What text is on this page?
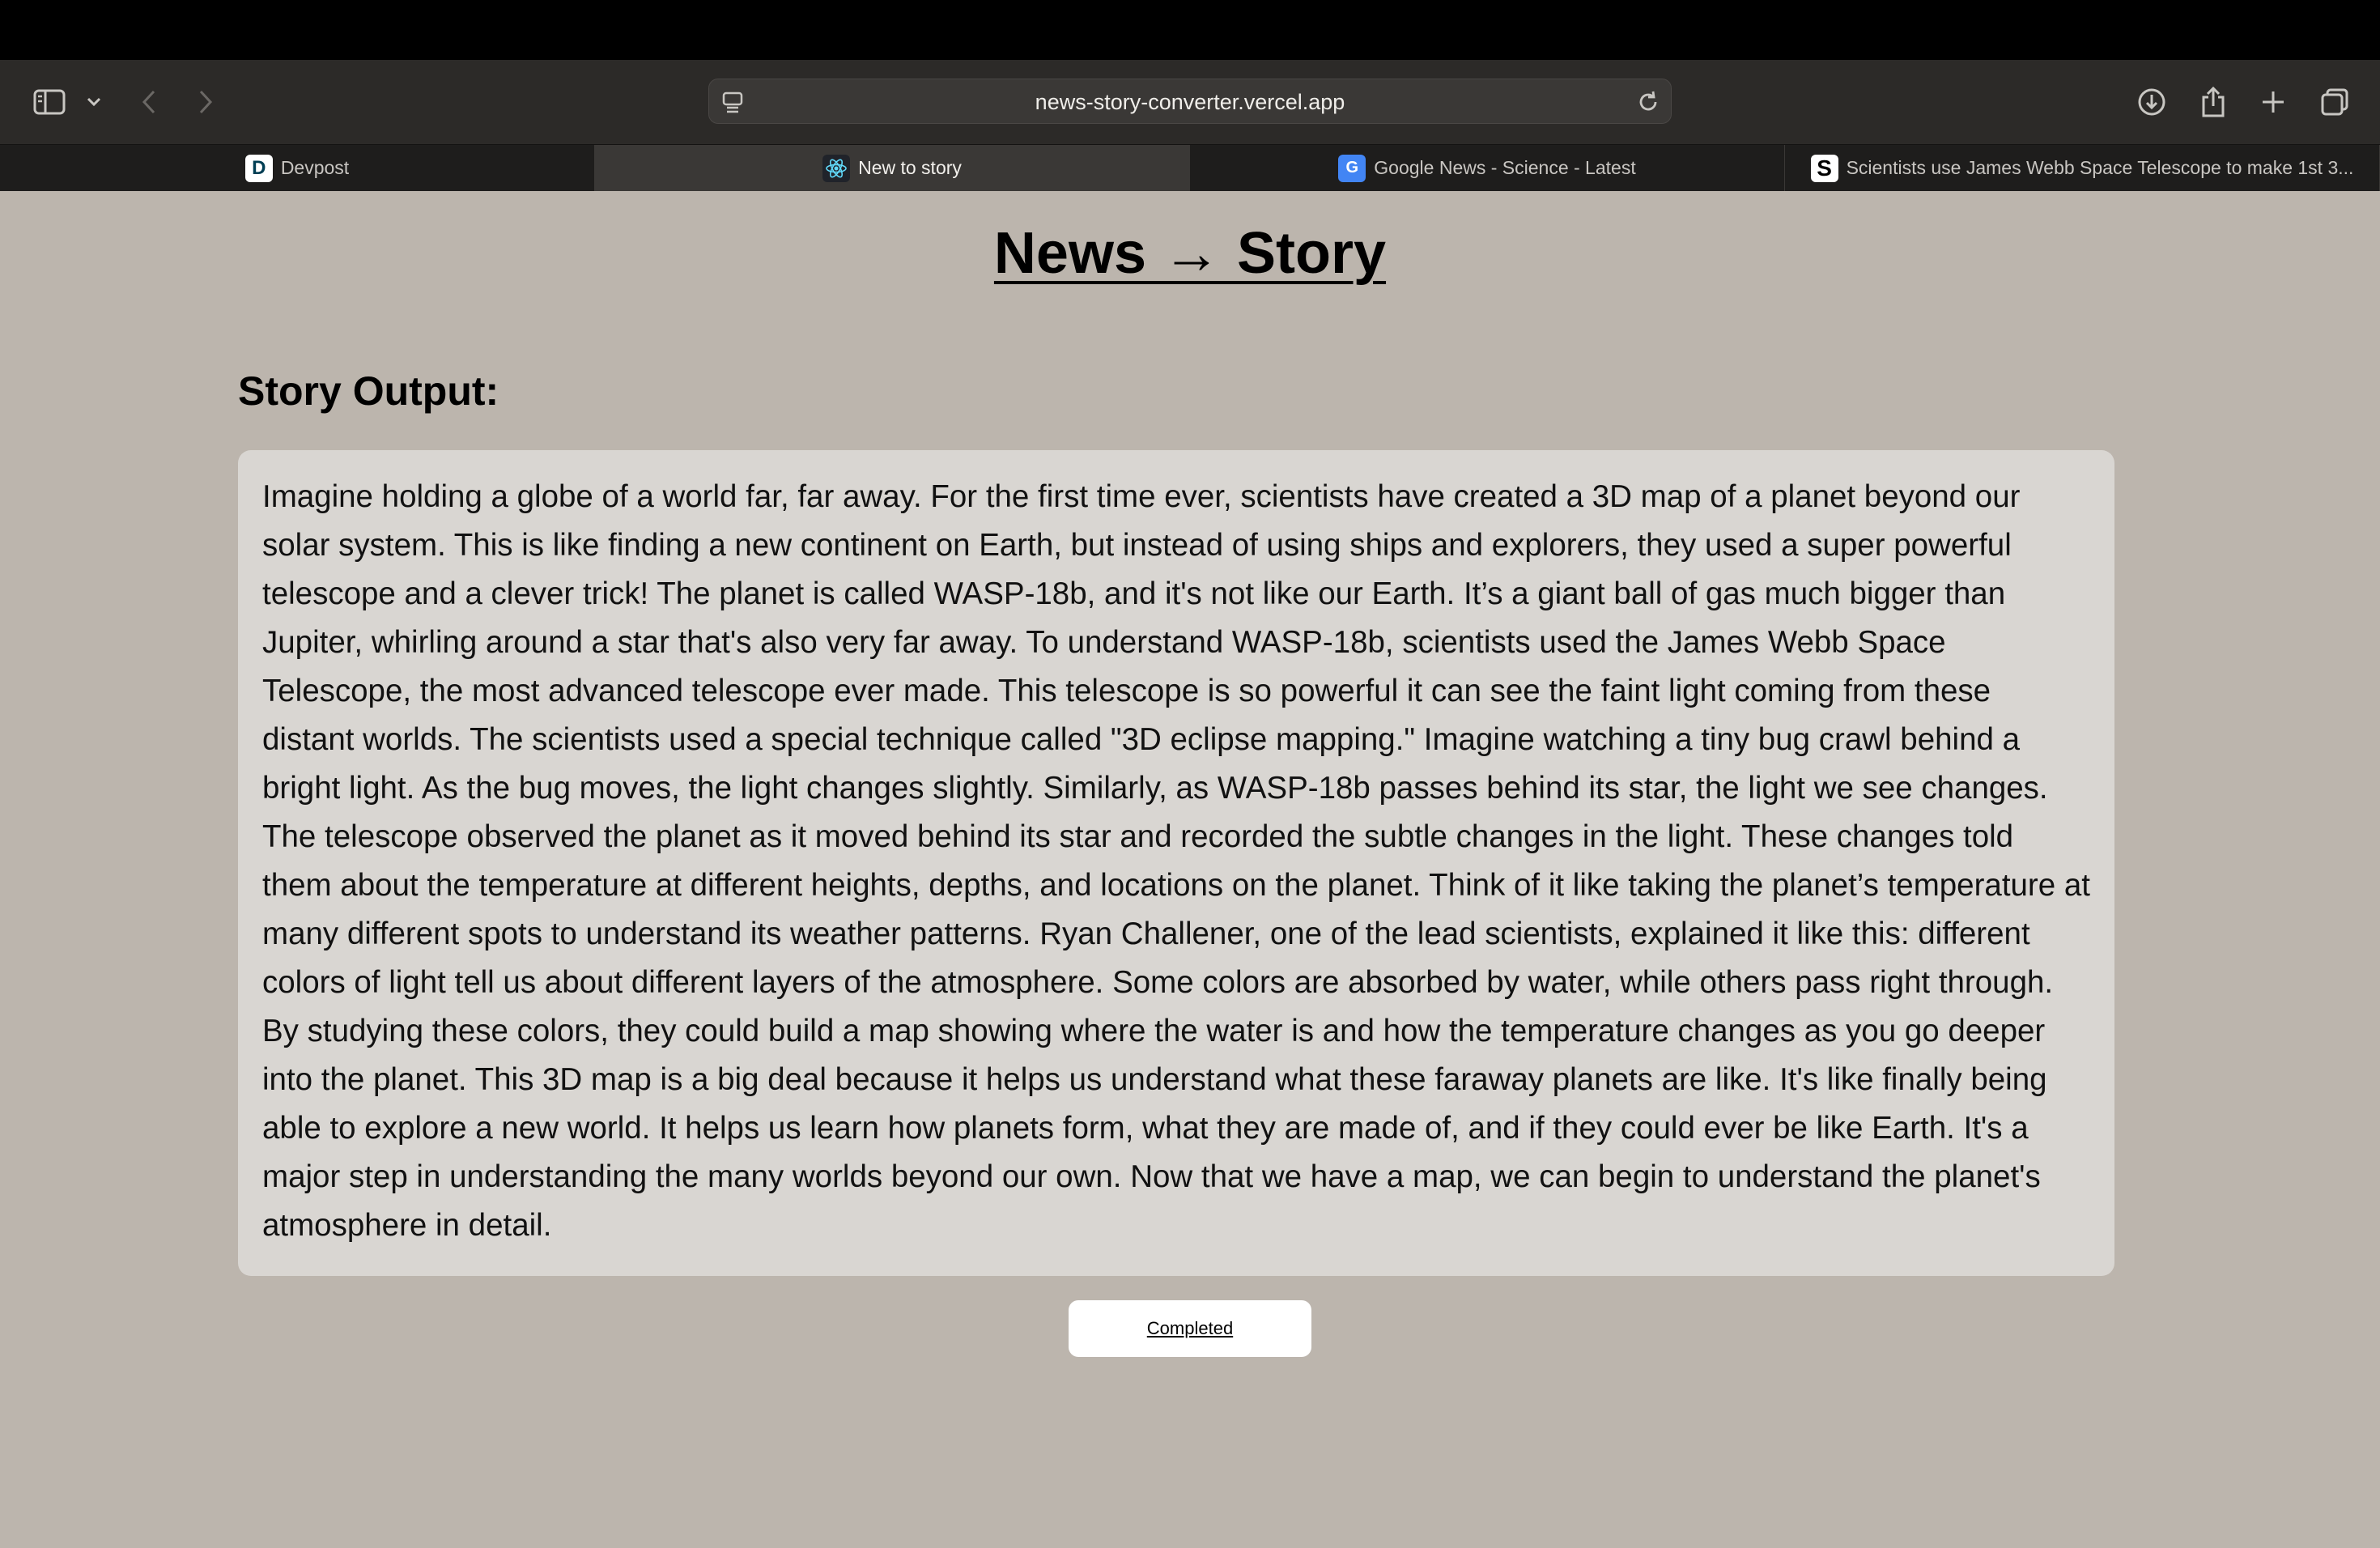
news-story-converter.vercel.app
D Devpost	New to story	G Google News - Science - Latest	S Scientists use James Webb Space Telescope to make 1st 3...
News → Story
Story Output:

Imagine holding a globe of a world far, far away. For the first time ever, scientists have created a 3D map of a planet beyond our solar system. This is like finding a new continent on Earth, but instead of using ships and explorers, they used a super powerful telescope and a clever trick! The planet is called WASP-18b, and it's not like our Earth. It’s a giant ball of gas much bigger than Jupiter, whirling around a star that's also very far away. To understand WASP-18b, scientists used the James Webb Space Telescope, the most advanced telescope ever made. This telescope is so powerful it can see the faint light coming from these distant worlds. The scientists used a special technique called "3D eclipse mapping." Imagine watching a tiny bug crawl behind a bright light. As the bug moves, the light changes slightly. Similarly, as WASP-18b passes behind its star, the light we see changes. The telescope observed the planet as it moved behind its star and recorded the subtle changes in the light. These changes told them about the temperature at different heights, depths, and locations on the planet. Think of it like taking the planet’s temperature at many different spots to understand its weather patterns. Ryan Challener, one of the lead scientists, explained it like this: different colors of light tell us about different layers of the atmosphere. Some colors are absorbed by water, while others pass right through. By studying these colors, they could build a map showing where the water is and how the temperature changes as you go deeper into the planet. This 3D map is a big deal because it helps us understand what these faraway planets are like. It's like finally being able to explore a new world. It helps us learn how planets form, what they are made of, and if they could ever be like Earth. It's a major step in understanding the many worlds beyond our own. Now that we have a map, we can begin to understand the planet's atmosphere in detail.

Completed
